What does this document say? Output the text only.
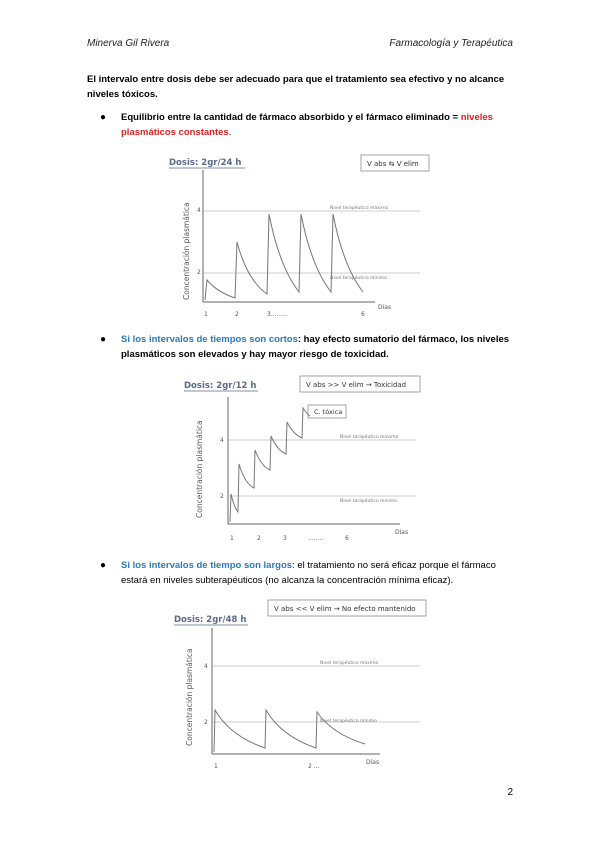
Minerva Gil Rivera	Farmacología y Terapéutica
El intervalo entre dosis debe ser adecuado para que el tratamiento sea efectivo y no alcance niveles tóxicos.
● Equilibrio entre la cantidad de fármaco absorbido y el fármaco eliminado = niveles plasmáticos constantes.
Dosis: 2gr/24 h	V abs ⇆ V elim
Concentración plasmática
Días
4
2
Nivel terapéutico máximo
Nivel terapéutico mínimo
1	2	3.........	6
● Si los intervalos de tiempos son cortos: hay efecto sumatorio del fármaco, los niveles plasmáticos son elevados y hay mayor riesgo de toxicidad.
Dosis: 2gr/12 h	V abs >> V elim → Toxicidad
C. tóxica
Concentración plasmática
Días
4
2
Nivel terapéutico máximo
Nivel terapéutico mínimo
1	2	3	........	6
● Si los intervalos de tiempo son largos: el tratamiento no será eficaz porque el fármaco estará en niveles subterapéuticos (no alcanza la concentración mínima eficaz).
Dosis: 2gr/48 h
V abs << V elim → No efecto mantenido
Concentración plasmática
Días
4
2
Nivel terapéutico máximo
Nivel terapéutico mínimo
1	2 ...
2
